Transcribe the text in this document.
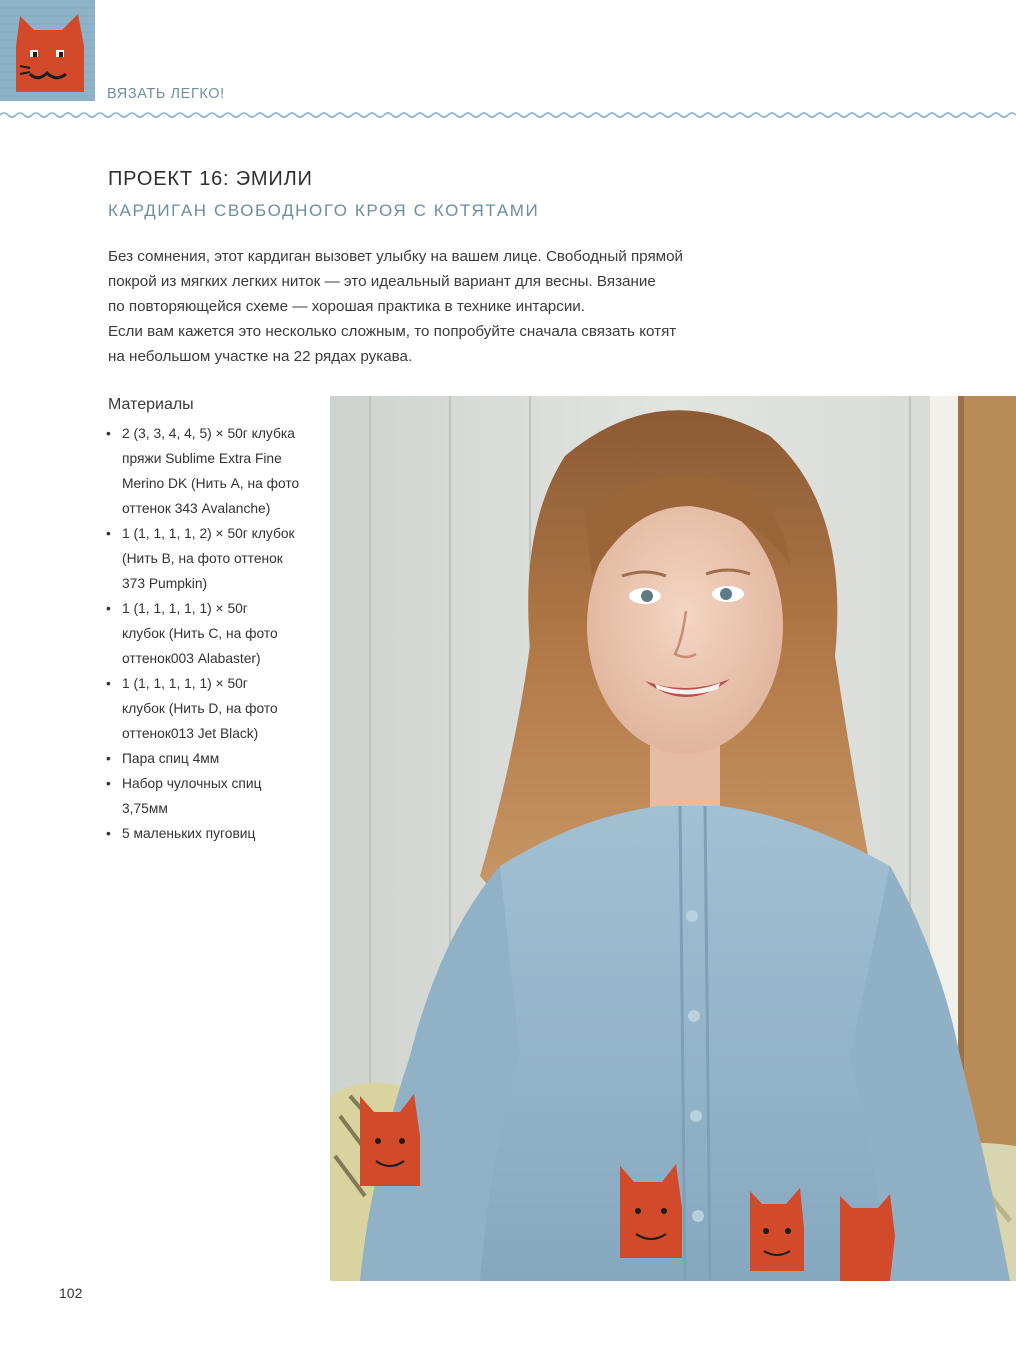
ВЯЗАТЬ ЛЕГКО!
ПРОЕКТ 16: ЭМИЛИ
КАРДИГАН СВОБОДНОГО КРОЯ С КОТЯТАМИ
Без сомнения, этот кардиган вызовет улыбку на вашем лице. Свободный прямой
покрой из мягких легких ниток — это идеальный вариант для весны. Вязание
по повторяющейся схеме — хорошая практика в технике интарсии.
Если вам кажется это несколько сложным, то попробуйте сначала связать котят
на небольшом участке на 22 рядах рукава.
Материалы
• 2 (3, 3, 4, 4, 5) × 50г клубка
пряжи Sublime Extra Fine
Merino DK (Нить А, на фото
оттенок 343 Avalanche)
• 1 (1, 1, 1, 1, 2) × 50г клубок
(Нить В, на фото оттенок
373 Pumpkin)
• 1 (1, 1, 1, 1, 1) × 50г
клубок (Нить С, на фото
оттенок003 Alabaster)
• 1 (1, 1, 1, 1, 1) × 50г
клубок (Нить D, на фото
оттенок013 Jet Black)
• Пара спиц 4мм
• Набор чулочных спиц
3,75мм
• 5 маленьких пуговиц
102
